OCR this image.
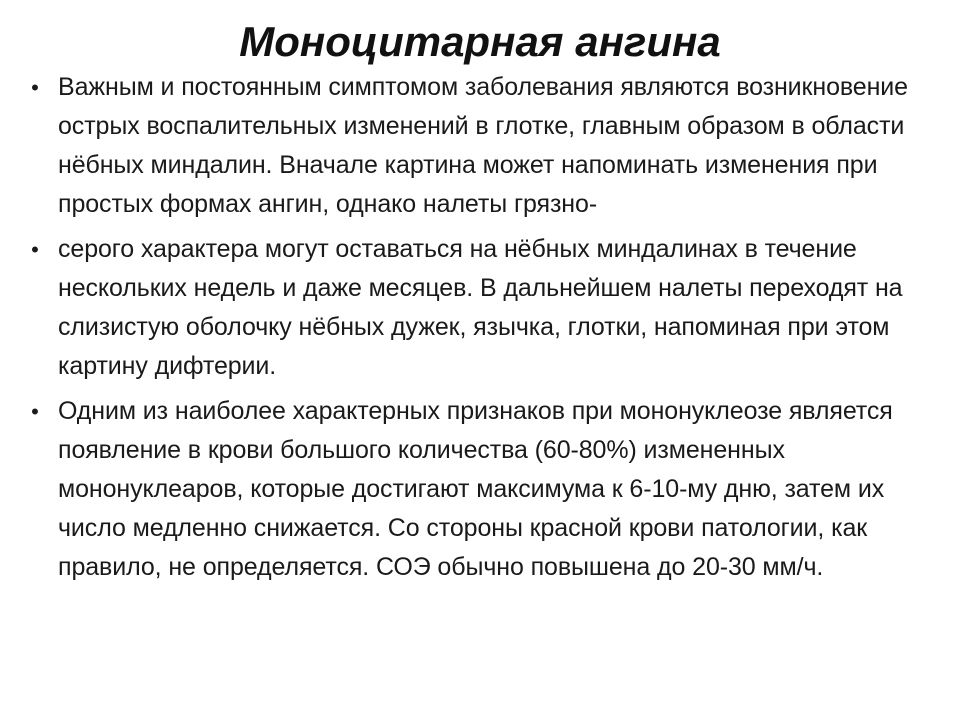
Моноцитарная ангина
• Важным и постоянным симптомом заболевания являются возникновение острых воспалительных изменений в глотке, главным образом в области нёбных миндалин. Вначале картина может напоминать изменения при простых формах ангин, однако налеты грязно-
• серого характера могут оставаться на нёбных миндалинах в течение нескольких недель и даже месяцев. В дальнейшем налеты переходят на слизистую оболочку нёбных дужек, язычка, глотки, напоминая при этом картину дифтерии.
• Одним из наиболее характерных признаков при мононуклеозе является появление в крови большого количества (60-80%) измененных мононуклеаров, которые достигают максимума к 6-10-му дню, затем их число медленно снижается. Со стороны красной крови патологии, как правило, не определяется. СОЭ обычно повышена до 20-30 мм/ч.
